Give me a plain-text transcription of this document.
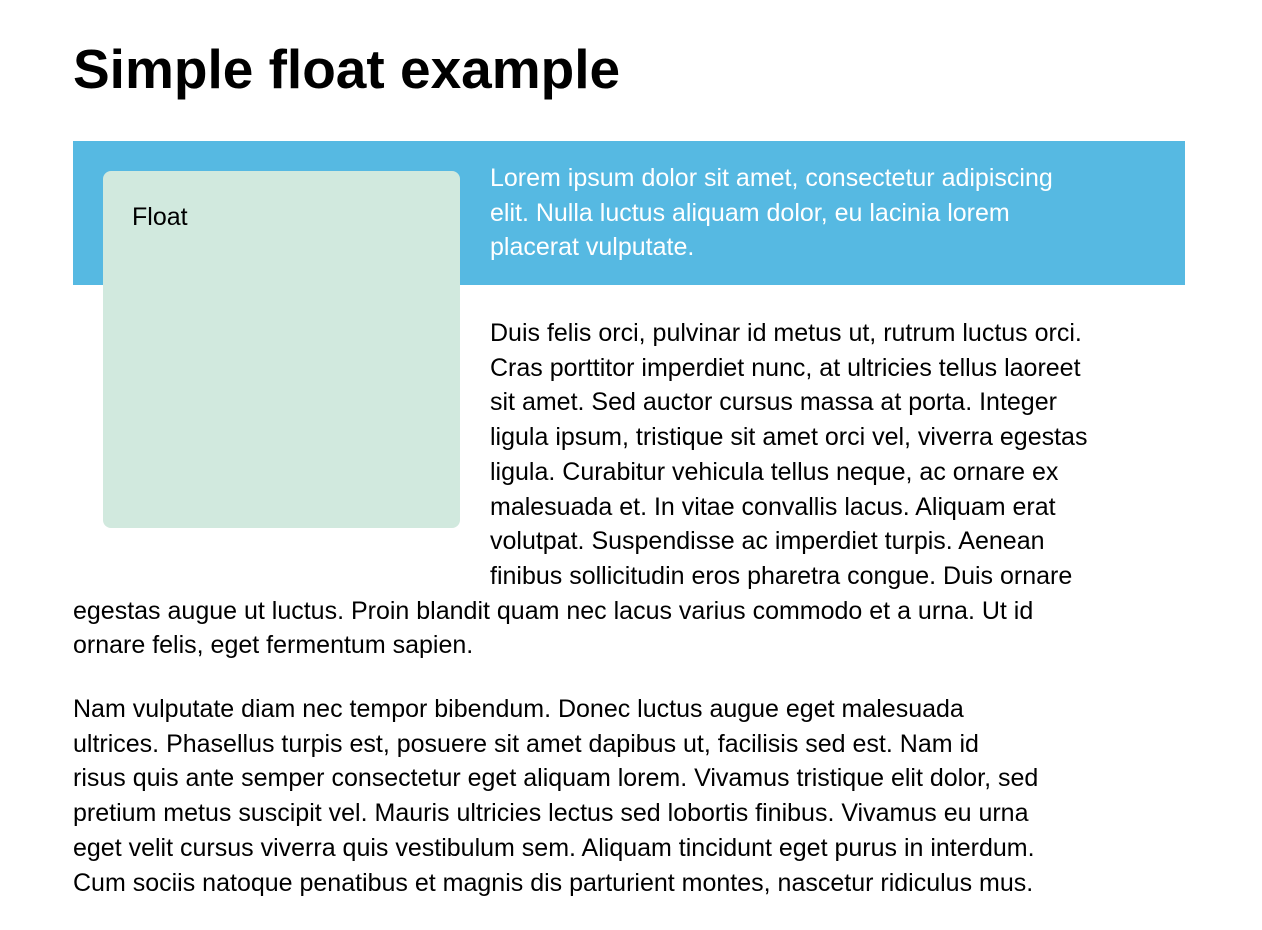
Simple float example
Lorem ipsum dolor sit amet, consectetur adipiscing
elit. Nulla luctus aliquam dolor, eu lacinia lorem
placerat vulputate.
Duis felis orci, pulvinar id metus ut, rutrum luctus orci.
Cras porttitor imperdiet nunc, at ultricies tellus laoreet
sit amet. Sed auctor cursus massa at porta. Integer
ligula ipsum, tristique sit amet orci vel, viverra egestas
ligula. Curabitur vehicula tellus neque, ac ornare ex
malesuada et. In vitae convallis lacus. Aliquam erat
volutpat. Suspendisse ac imperdiet turpis. Aenean
finibus sollicitudin eros pharetra congue. Duis ornare
egestas augue ut luctus. Proin blandit quam nec lacus varius commodo et a urna. Ut id
ornare felis, eget fermentum sapien.
Nam vulputate diam nec tempor bibendum. Donec luctus augue eget malesuada
ultrices. Phasellus turpis est, posuere sit amet dapibus ut, facilisis sed est. Nam id
risus quis ante semper consectetur eget aliquam lorem. Vivamus tristique elit dolor, sed
pretium metus suscipit vel. Mauris ultricies lectus sed lobortis finibus. Vivamus eu urna
eget velit cursus viverra quis vestibulum sem. Aliquam tincidunt eget purus in interdum.
Cum sociis natoque penatibus et magnis dis parturient montes, nascetur ridiculus mus.
Float
